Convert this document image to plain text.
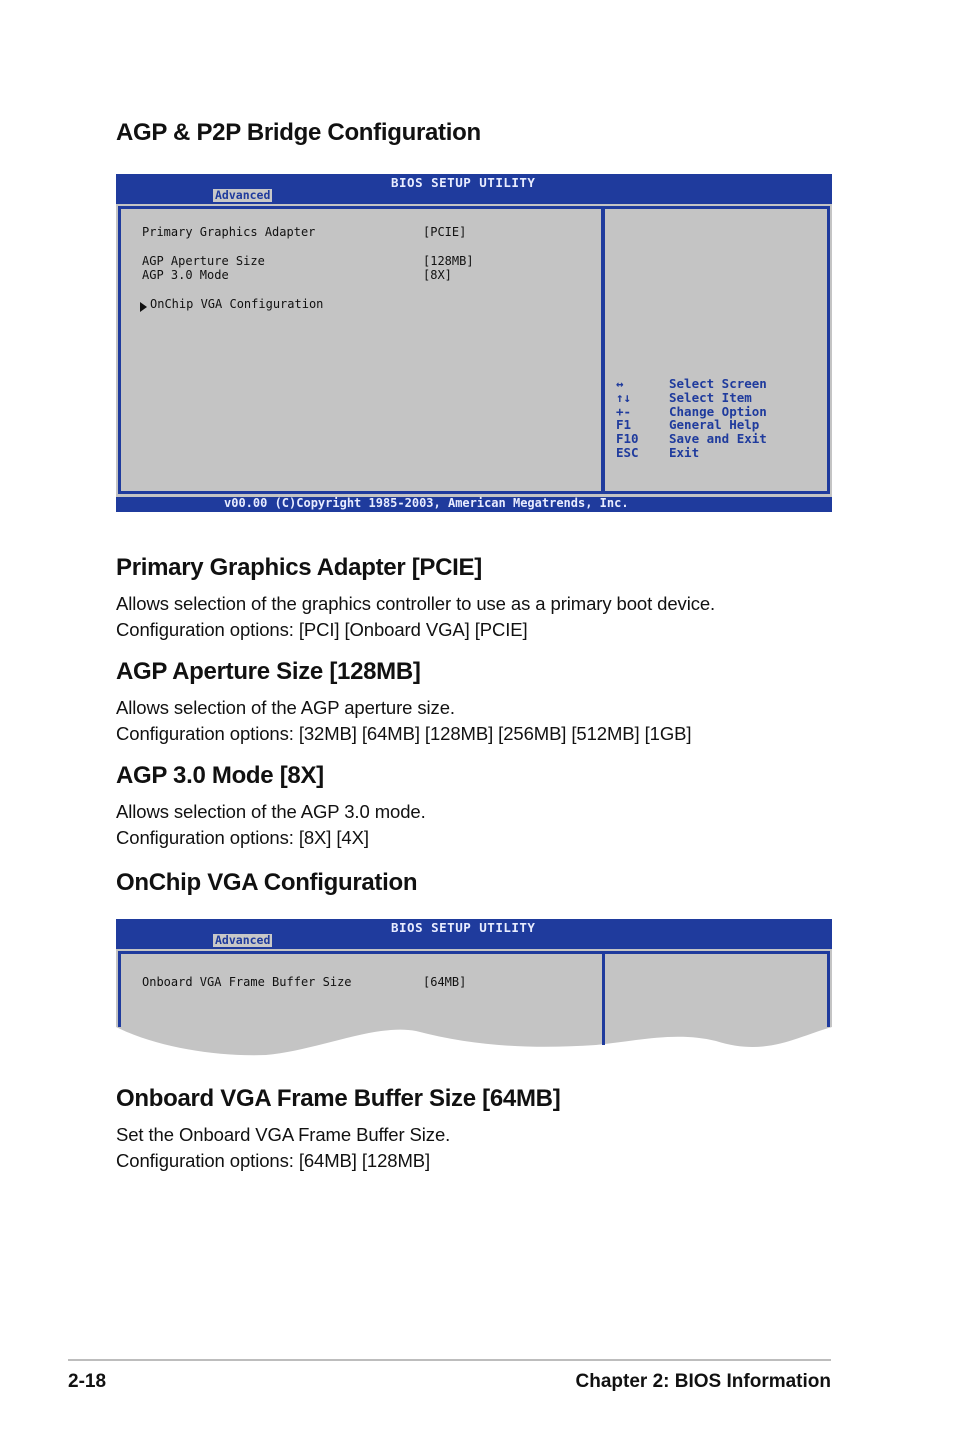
AGP & P2P Bridge Configuration
BIOS SETUP UTILITY
Advanced
Primary Graphics Adapter	[PCIE]
AGP Aperture Size	[128MB]
AGP 3.0 Mode	[8X]
OnChip VGA Configuration
↔	Select Screen
↑↓	Select Item
+-	Change Option
F1	General Help
F10 Save and Exit
ESC Exit
v00.00 (C)Copyright 1985-2003, American Megatrends, Inc.
Primary Graphics Adapter [PCIE]

Allows selection of the graphics controller to use as a primary boot device.
Configuration options: [PCI] [Onboard VGA] [PCIE]

AGP Aperture Size [128MB]

Allows selection of the AGP aperture size.
Configuration options: [32MB] [64MB] [128MB] [256MB] [512MB] [1GB]

AGP 3.0 Mode [8X]

Allows selection of the AGP 3.0 mode.
Configuration options: [8X] [4X]

OnChip VGA Configuration
BIOS SETUP UTILITY
Advanced
Onboard VGA Frame Buffer Size	[64MB]
Onboard VGA Frame Buffer Size [64MB]

Set the Onboard VGA Frame Buffer Size.
Configuration options: [64MB] [128MB]

2-18	Chapter 2: BIOS Information
